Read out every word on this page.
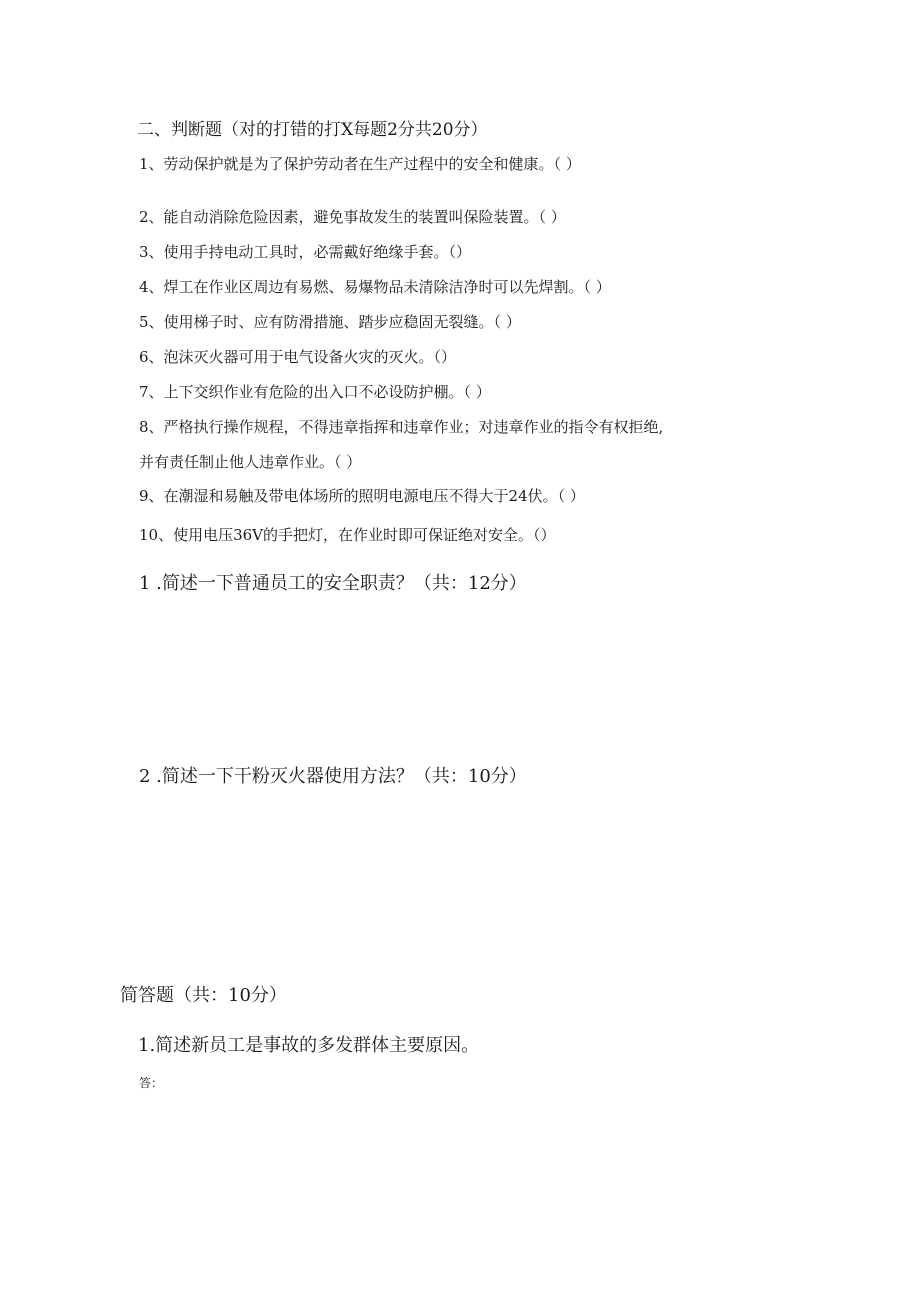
二、判断题（对的打错的打X每题2分共20分）
1、劳动保护就是为了保护劳动者在生产过程中的安全和健康。（ ）
2、能自动消除危险因素，避免事故发生的装置叫保险装置。（ ）
3、使用手持电动工具时，必需戴好绝缘手套。（）
4、焊工在作业区周边有易燃、易爆物品未清除洁净时可以先焊割。（ ）
5、使用梯子时、应有防滑措施、踏步应稳固无裂缝。（ ）
6、泡沫灭火器可用于电气设备火灾的灭火。（）
7、上下交织作业有危险的出入口不必设防护棚。（ ）
8、严格执行操作规程，不得违章指挥和违章作业；对违章作业的指令有权拒绝,
并有责任制止他人违章作业。（ ）
9、在潮湿和易触及带电体场所的照明电源电压不得大于24伏。（ ）
10、使用电压36V的手把灯，在作业时即可保证绝对安全。（）
1 .简述一下普通员工的安全职责？（共：12分）
2 .简述一下干粉灭火器使用方法？（共：10分）
简答题（共：10分）
1.简述新员工是事故的多发群体主要原因。
答：
